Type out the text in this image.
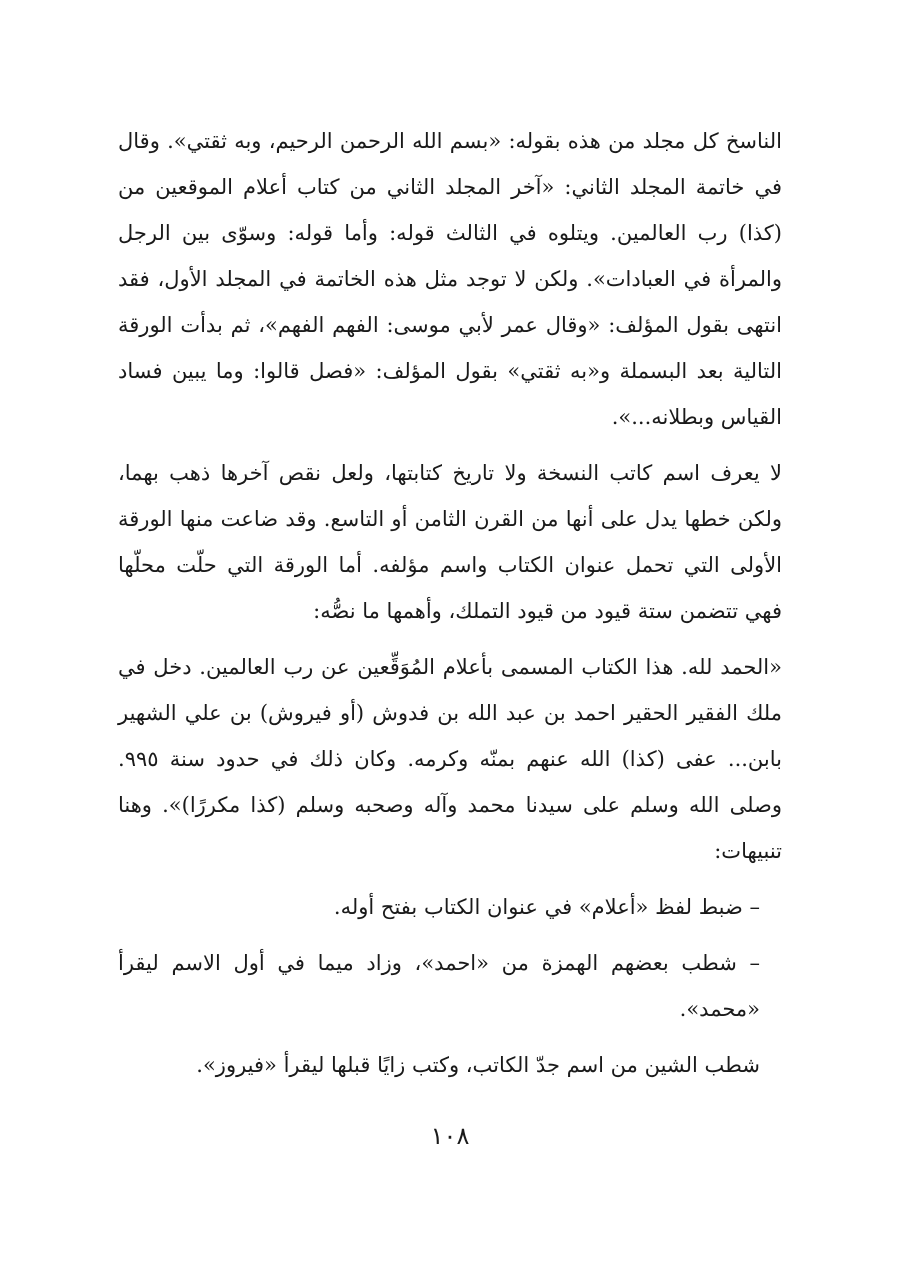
الناسخ كل مجلد من هذه بقوله: «بسم الله الرحمن الرحيم، وبه ثقتي». وقال في خاتمة المجلد الثاني: «آخر المجلد الثاني من كتاب أعلام الموقعين من (كذا) رب العالمين. ويتلوه في الثالث قوله: وأما قوله: وسوّى بين الرجل والمرأة في العبادات». ولكن لا توجد مثل هذه الخاتمة في المجلد الأول، فقد انتهى بقول المؤلف: «وقال عمر لأبي موسى: الفهم الفهم»، ثم بدأت الورقة التالية بعد البسملة و«به ثقتي» بقول المؤلف: «فصل قالوا: وما يبين فساد القياس وبطلانه...».

لا يعرف اسم كاتب النسخة ولا تاريخ كتابتها، ولعل نقص آخرها ذهب بهما، ولكن خطها يدل على أنها من القرن الثامن أو التاسع. وقد ضاعت منها الورقة الأولى التي تحمل عنوان الكتاب واسم مؤلفه. أما الورقة التي حلّت محلّها فهي تتضمن ستة قيود من قيود التملك، وأهمها ما نصُّه:

«الحمد لله. هذا الكتاب المسمى بأعلام المُوَقِّعين عن رب العالمين. دخل في ملك الفقير الحقير احمد بن عبد الله بن فدوش (أو فيروش) بن علي الشهير بابن... عفى (كذا) الله عنهم بمنّه وكرمه. وكان ذلك في حدود سنة ٩٩٥. وصلى الله وسلم على سيدنا محمد وآله وصحبه وسلم (كذا مكررًا)». وهنا تنبيهات:

– ضبط لفظ «أعلام» في عنوان الكتاب بفتح أوله.

– شطب بعضهم الهمزة من «احمد»، وزاد ميما في أول الاسم ليقرأ «محمد».

شطب الشين من اسم جدّ الكاتب، وكتب زايًا قبلها ليقرأ «فيروز».

١٠٨
